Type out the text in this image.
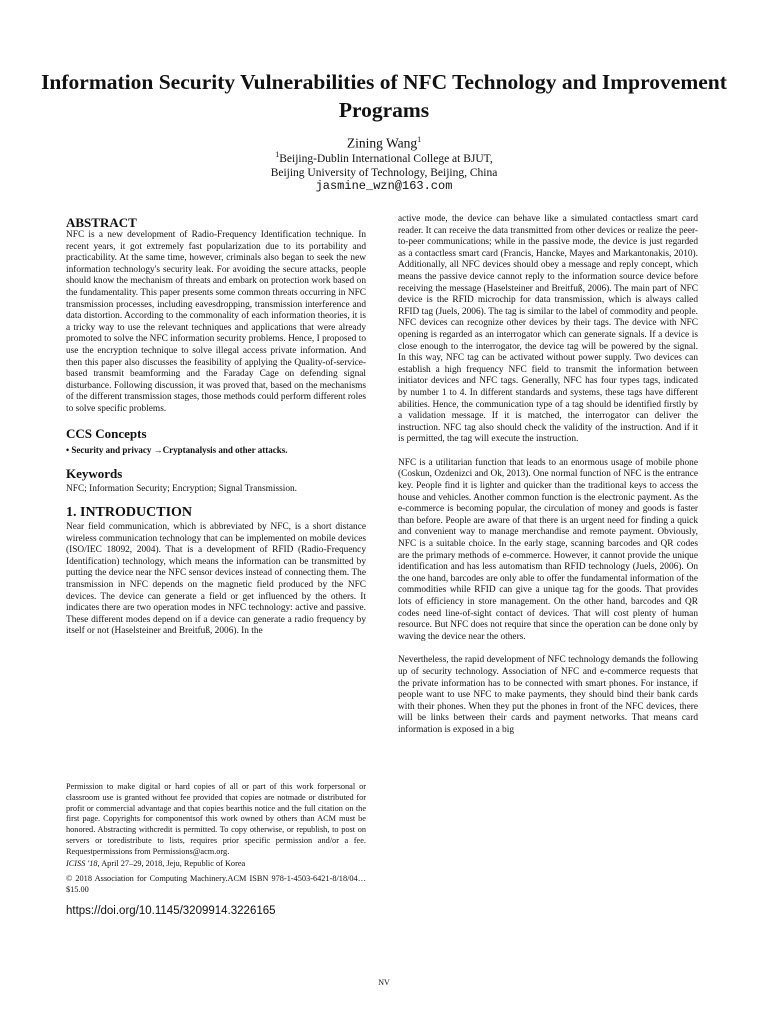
Information Security Vulnerabilities of NFC Technology and Improvement Programs
Zining Wang$^1$
$^1$Beijing-Dublin International College at BJUT,
Beijing University of Technology, Beijing, China
jasmine_wzn@163.com
ABSTRACT

NFC is a new development of Radio-Frequency Identification technique. In recent years, it got extremely fast popularization due to its portability and practicability. At the same time, however, criminals also began to seek the new information technology's security leak. For avoiding the secure attacks, people should know the mechanism of threats and embark on protection work based on the fundamentality. This paper presents some common threats occurring in NFC transmission processes, including eavesdropping, transmission interference and data distortion. According to the commonality of each information theories, it is a tricky way to use the relevant techniques and applications that were already promoted to solve the NFC information security problems. Hence, I proposed to use the encryption technique to solve illegal access private information. And then this paper also discusses the feasibility of applying the Quality-of-service-based transmit beamforming and the Faraday Cage on defending signal disturbance. Following discussion, it was proved that, based on the mechanisms of the different transmission stages, those methods could perform different roles to solve specific problems.

CCS Concepts

• Security and privacy →Cryptanalysis and other attacks.

Keywords

NFC; Information Security; Encryption; Signal Transmission.

1. INTRODUCTION

Near field communication, which is abbreviated by NFC, is a short distance wireless communication technology that can be implemented on mobile devices (ISO/IEC 18092, 2004). That is a development of RFID (Radio-Frequency Identification) technology, which means the information can be transmitted by putting the device near the NFC sensor devices instead of connecting them. The transmission in NFC depends on the magnetic field produced by the NFC devices. The device can generate a field or get influenced by the others. It indicates there are two operation modes in NFC technology: active and passive. These different modes depend on if a device can generate a radio frequency by itself or not (Haselsteiner and Breitfuß, 2006). In the

Permission to make digital or hard copies of all or part of this work forpersonal or classroom use is granted without fee provided that copies are notmade or distributed for profit or commercial advantage and that copies bearthis notice and the full citation on the first page. Copyrights for componentsof this work owned by others than ACM must be honored. Abstracting withcredit is permitted. To copy otherwise, or republish, to post on servers or toredistribute to lists, requires prior specific permission and/or a fee. Requestpermissions from Permissions@acm.org.

ICISS '18, April 27–29, 2018, Jeju, Republic of Korea

© 2018 Association for Computing Machinery.ACM ISBN 978-1-4503-6421-8/18/04…$15.00

https://doi.org/10.1145/3209914.3226165

active mode, the device can behave like a simulated contactless smart card reader. It can receive the data transmitted from other devices or realize the peer-to-peer communications; while in the passive mode, the device is just regarded as a contactless smart card (Francis, Hancke, Mayes and Markantonakis, 2010). Additionally, all NFC devices should obey a message and reply concept, which means the passive device cannot reply to the information source device before receiving the message (Haselsteiner and Breitfuß, 2006). The main part of NFC device is the RFID microchip for data transmission, which is always called RFID tag (Juels, 2006). The tag is similar to the label of commodity and people. NFC devices can recognize other devices by their tags. The device with NFC opening is regarded as an interrogator which can generate signals. If a device is close enough to the interrogator, the device tag will be powered by the signal. In this way, NFC tag can be activated without power supply. Two devices can establish a high frequency NFC field to transmit the information between initiator devices and NFC tags. Generally, NFC has four types tags, indicated by number 1 to 4. In different standards and systems, these tags have different abilities. Hence, the communication type of a tag should be identified firstly by a validation message. If it is matched, the interrogator can deliver the instruction. NFC tag also should check the validity of the instruction. And if it is permitted, the tag will execute the instruction.

NFC is a utilitarian function that leads to an enormous usage of mobile phone (Coskun, Ozdenizci and Ok, 2013). One normal function of NFC is the entrance key. People find it is lighter and quicker than the traditional keys to access the house and vehicles. Another common function is the electronic payment. As the e-commerce is becoming popular, the circulation of money and goods is faster than before. People are aware of that there is an urgent need for finding a quick and convenient way to manage merchandise and remote payment. Obviously, NFC is a suitable choice. In the early stage, scanning barcodes and QR codes are the primary methods of e-commerce. However, it cannot provide the unique identification and has less automatism than RFID technology (Juels, 2006). On the one hand, barcodes are only able to offer the fundamental information of the commodities while RFID can give a unique tag for the goods. That provides lots of efficiency in store management. On the other hand, barcodes and QR codes need line-of-sight contact of devices. That will cost plenty of human resource. But NFC does not require that since the operation can be done only by waving the device near the others.

Nevertheless, the rapid development of NFC technology demands the following up of security technology. Association of NFC and e-commerce requests that the private information has to be connected with smart phones. For instance, if people want to use NFC to make payments, they should bind their bank cards with their phones. When they put the phones in front of the NFC devices, there will be links between their cards and payment networks. That means card information is exposed in a big

NV
